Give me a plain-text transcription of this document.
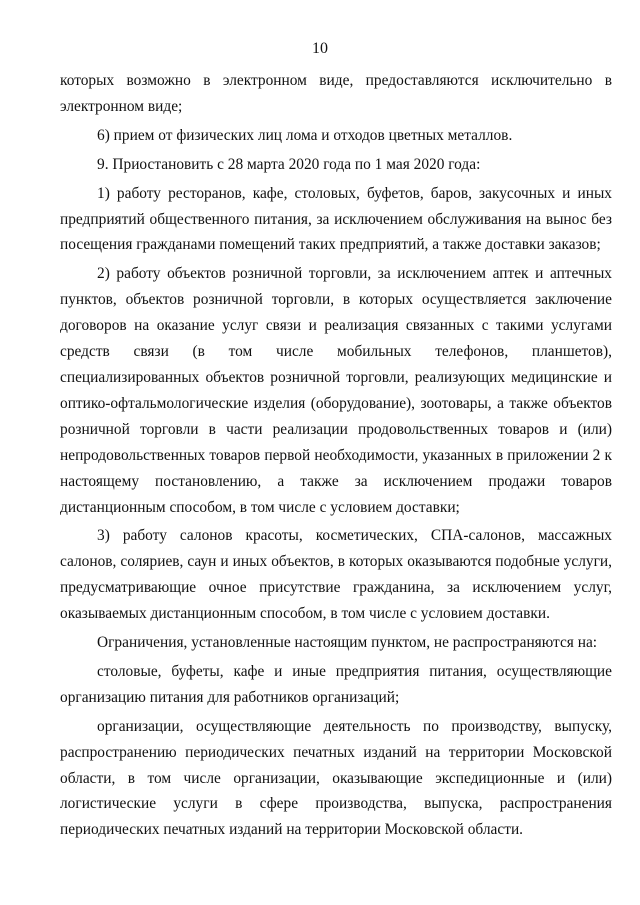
10

которых возможно в электронном виде, предоставляются исключительно в электронном виде;

6) прием от физических лиц лома и отходов цветных металлов.

9. Приостановить с 28 марта 2020 года по 1 мая 2020 года:

1) работу ресторанов, кафе, столовых, буфетов, баров, закусочных и иных предприятий общественного питания, за исключением обслуживания на вынос без посещения гражданами помещений таких предприятий, а также доставки заказов;

2) работу объектов розничной торговли, за исключением аптек и аптечных пунктов, объектов розничной торговли, в которых осуществляется заключение договоров на оказание услуг связи и реализация связанных с такими услугами средств связи (в том числе мобильных телефонов, планшетов), специализированных объектов розничной торговли, реализующих медицинские и оптико-офтальмологические изделия (оборудование), зоотовары, а также объектов розничной торговли в части реализации продовольственных товаров и (или) непродовольственных товаров первой необходимости, указанных в приложении 2 к настоящему постановлению, а также за исключением продажи товаров дистанционным способом, в том числе с условием доставки;

3) работу салонов красоты, косметических, СПА-салонов, массажных салонов, соляриев, саун и иных объектов, в которых оказываются подобные услуги, предусматривающие очное присутствие гражданина, за исключением услуг, оказываемых дистанционным способом, в том числе с условием доставки.

Ограничения, установленные настоящим пунктом, не распространяются на:

столовые, буфеты, кафе и иные предприятия питания, осуществляющие организацию питания для работников организаций;

организации, осуществляющие деятельность по производству, выпуску, распространению периодических печатных изданий на территории Московской области, в том числе организации, оказывающие экспедиционные и (или) логистические услуги в сфере производства, выпуска, распространения периодических печатных изданий на территории Московской области.
